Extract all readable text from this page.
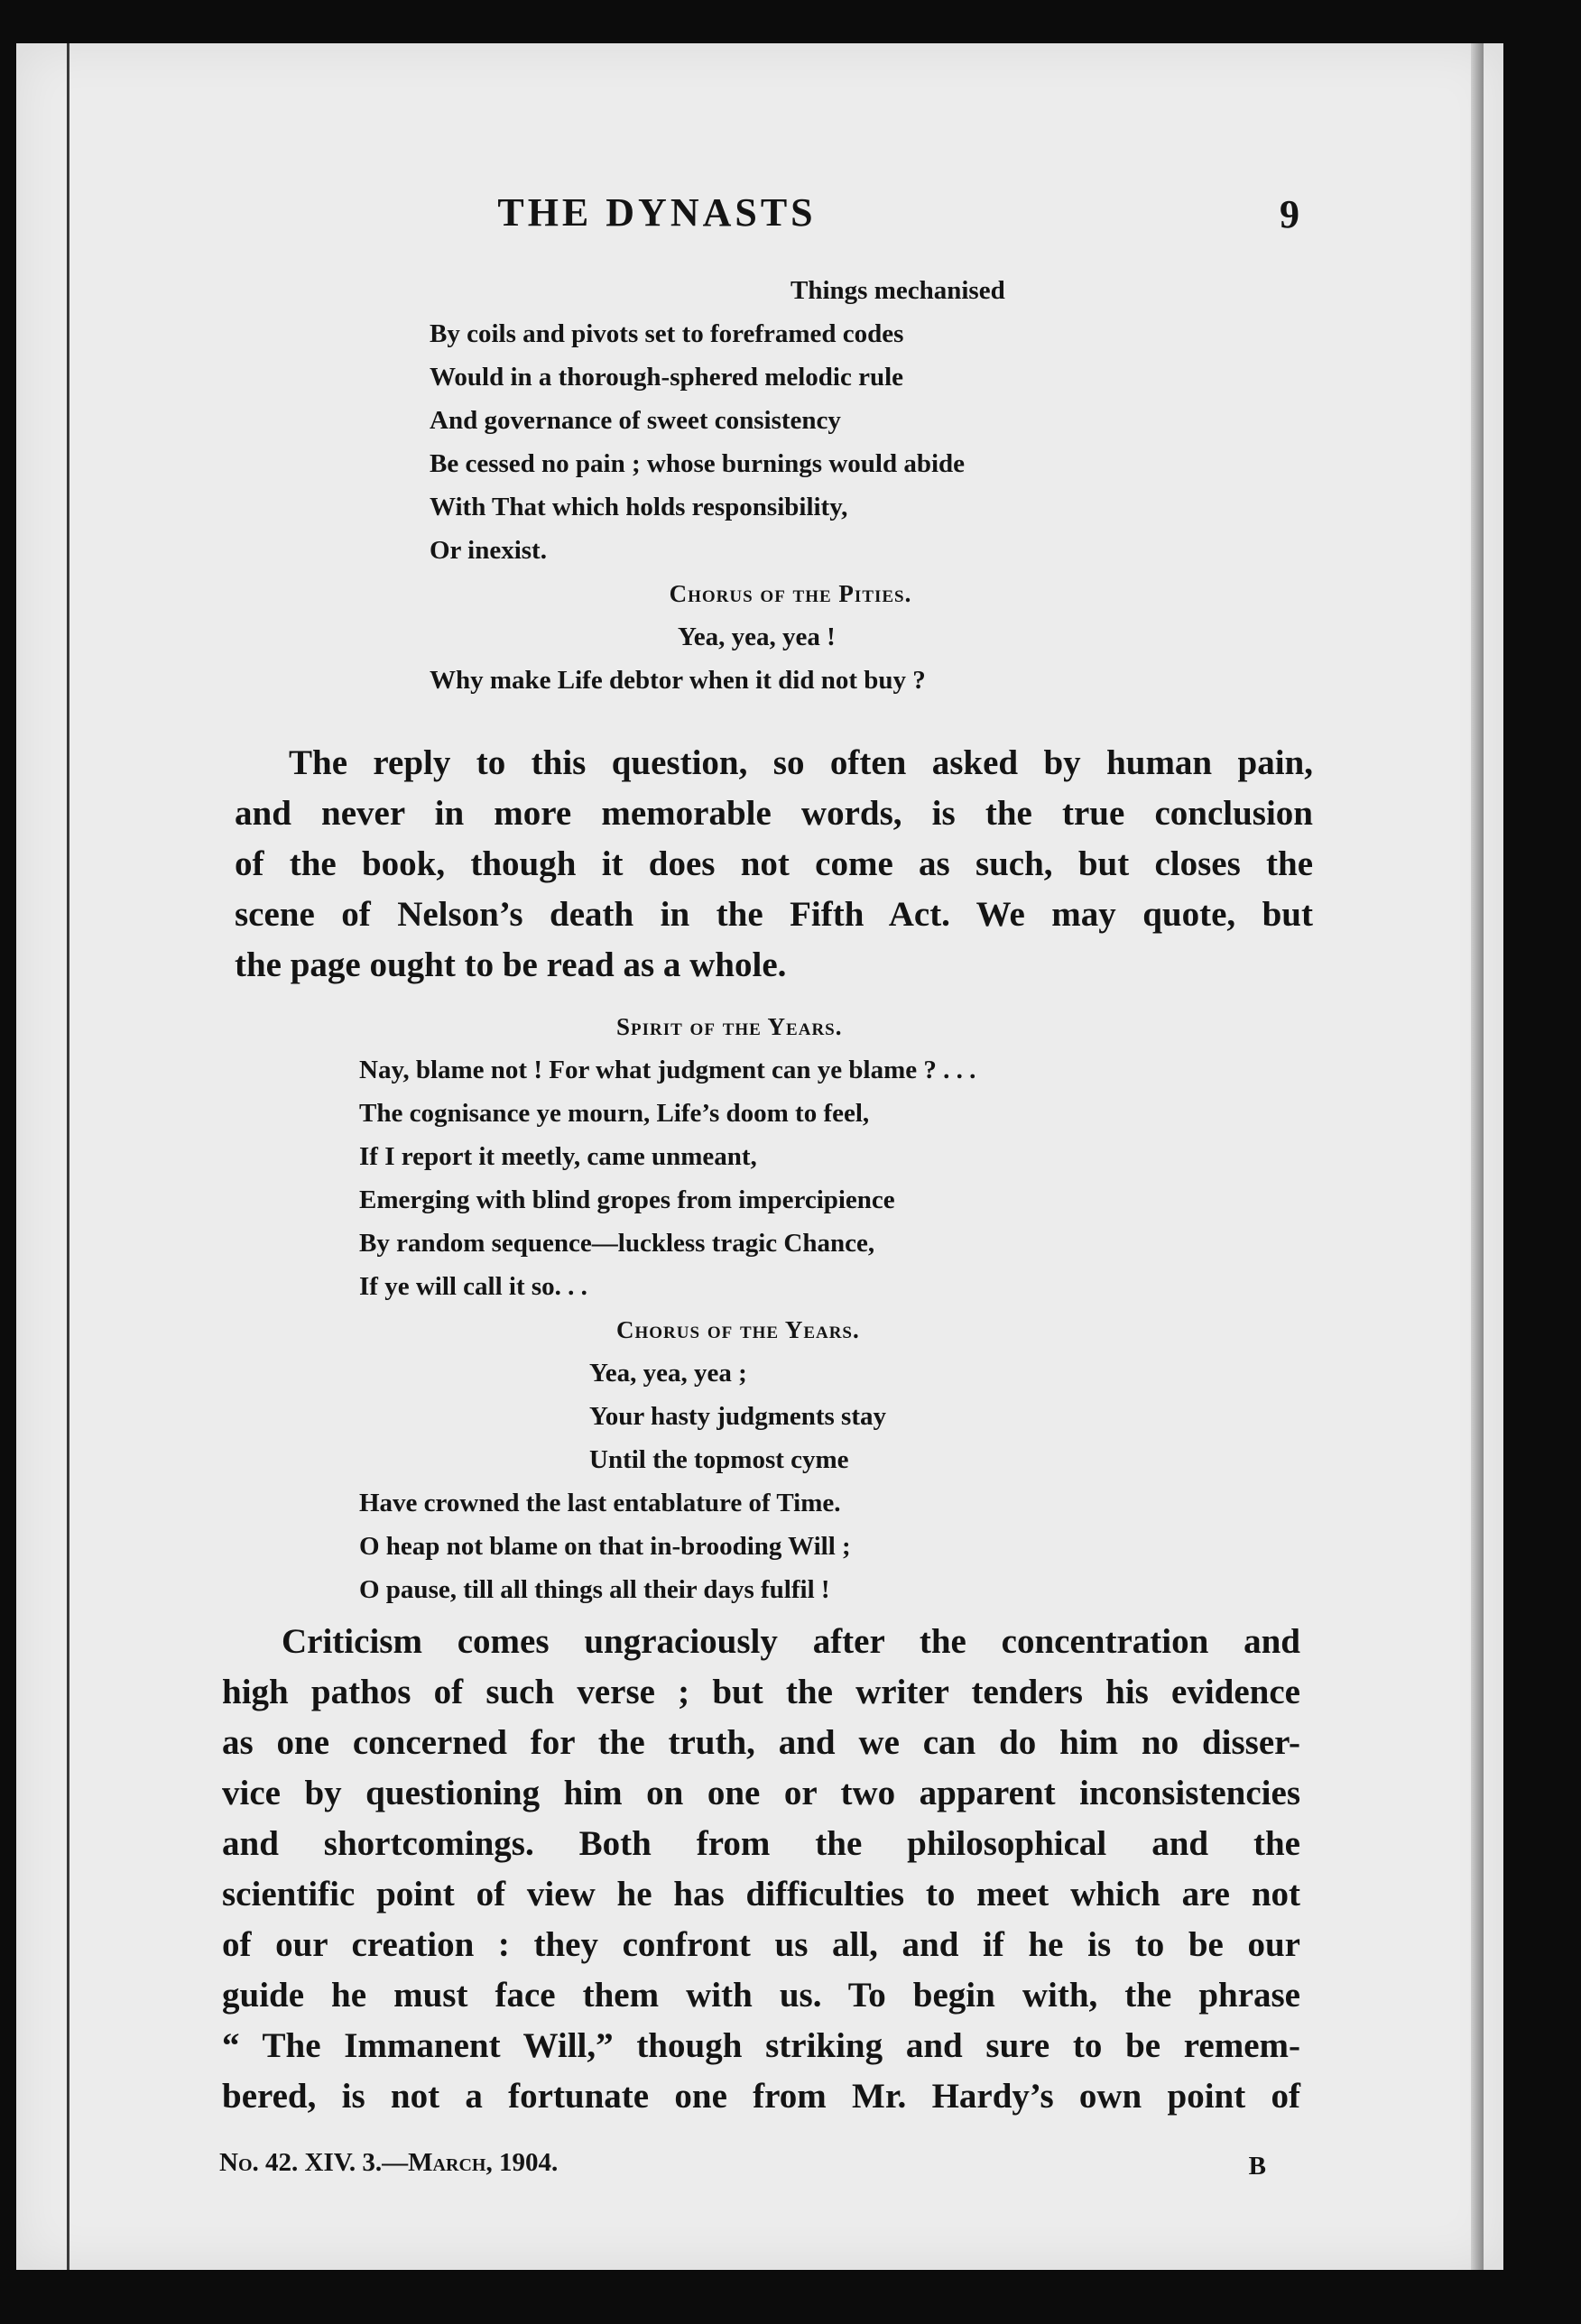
THE DYNASTS	9
Things mechanised
By coils and pivots set to foreframed codes
Would in a thorough-sphered melodic rule
And governance of sweet consistency
Be cessed no pain ; whose burnings would abide
With That which holds responsibility,
Or inexist.
Chorus of the Pities.
Yea, yea, yea !
Why make Life debtor when it did not buy ?
The reply to this question, so often asked by human pain,
and never in more memorable words, is the true conclusion
of the book, though it does not come as such, but closes the
scene of Nelson’s death in the Fifth Act. We may quote, but
the page ought to be read as a whole.
Spirit of the Years.
Nay, blame not ! For what judgment can ye blame ? . . .
The cognisance ye mourn, Life’s doom to feel,
If I report it meetly, came unmeant,
Emerging with blind gropes from impercipience
By random sequence—luckless tragic Chance,
If ye will call it so. . .
Chorus of the Years.
Yea, yea, yea ;
Your hasty judgments stay
Until the topmost cyme
Have crowned the last entablature of Time.
O heap not blame on that in-brooding Will ;
O pause, till all things all their days fulfil !
Criticism comes ungraciously after the concentration and
high pathos of such verse ; but the writer tenders his evidence
as one concerned for the truth, and we can do him no disser-
vice by questioning him on one or two apparent inconsistencies
and shortcomings. Both from the philosophical and the
scientific point of view he has difficulties to meet which are not
of our creation : they confront us all, and if he is to be our
guide he must face them with us. To begin with, the phrase
“ The Immanent Will,” though striking and sure to be remem-
bered, is not a fortunate one from Mr. Hardy’s own point of
No. 42. XIV. 3.—March, 1904.	B
